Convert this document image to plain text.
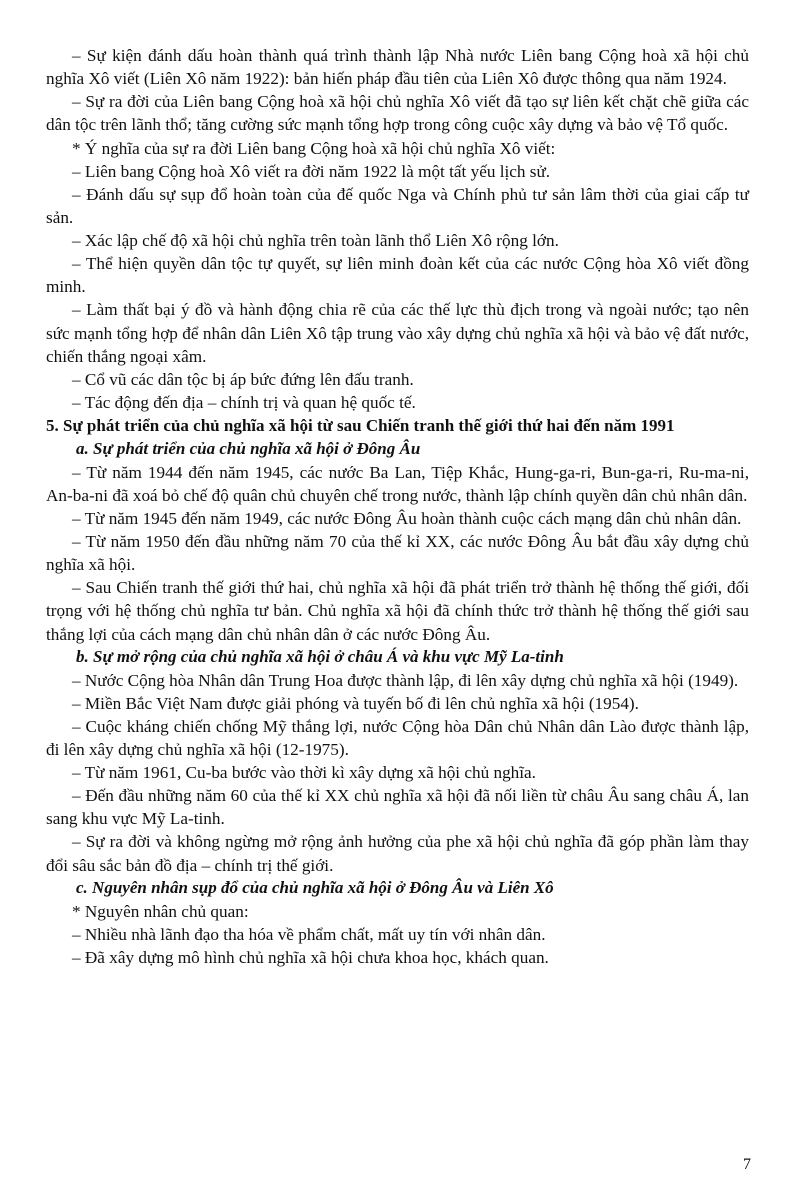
– Sự kiện đánh dấu hoàn thành quá trình thành lập Nhà nước Liên bang Cộng hoà xã hội chủ nghĩa Xô viết (Liên Xô năm 1922): bản hiến pháp đầu tiên của Liên Xô được thông qua năm 1924.

– Sự ra đời của Liên bang Cộng hoà xã hội chủ nghĩa Xô viết đã tạo sự liên kết chặt chẽ giữa các dân tộc trên lãnh thổ; tăng cường sức mạnh tổng hợp trong công cuộc xây dựng và bảo vệ Tổ quốc.

* Ý nghĩa của sự ra đời Liên bang Cộng hoà xã hội chủ nghĩa Xô viết:

– Liên bang Cộng hoà Xô viết ra đời năm 1922 là một tất yếu lịch sử.

– Đánh dấu sự sụp đổ hoàn toàn của đế quốc Nga và Chính phủ tư sản lâm thời của giai cấp tư sản.

– Xác lập chế độ xã hội chủ nghĩa trên toàn lãnh thổ Liên Xô rộng lớn.

– Thể hiện quyền dân tộc tự quyết, sự liên minh đoàn kết của các nước Cộng hòa Xô viết đồng minh.

– Làm thất bại ý đồ và hành động chia rẽ của các thế lực thù địch trong và ngoài nước; tạo nên sức mạnh tổng hợp để nhân dân Liên Xô tập trung vào xây dựng chủ nghĩa xã hội và bảo vệ đất nước, chiến thắng ngoại xâm.

– Cổ vũ các dân tộc bị áp bức đứng lên đấu tranh.

– Tác động đến địa – chính trị và quan hệ quốc tế.

5. Sự phát triển của chủ nghĩa xã hội từ sau Chiến tranh thế giới thứ hai đến năm 1991

a. Sự phát triển của chủ nghĩa xã hội ở Đông Âu

– Từ năm 1944 đến năm 1945, các nước Ba Lan, Tiệp Khắc, Hung-ga-ri, Bun-ga-ri, Ru-ma-ni, An-ba-ni đã xoá bỏ chế độ quân chủ chuyên chế trong nước, thành lập chính quyền dân chủ nhân dân.

– Từ năm 1945 đến năm 1949, các nước Đông Âu hoàn thành cuộc cách mạng dân chủ nhân dân.

– Từ năm 1950 đến đầu những năm 70 của thế kỉ XX, các nước Đông Âu bắt đầu xây dựng chủ nghĩa xã hội.

– Sau Chiến tranh thế giới thứ hai, chủ nghĩa xã hội đã phát triển trở thành hệ thống thế giới, đối trọng với hệ thống chủ nghĩa tư bản. Chủ nghĩa xã hội đã chính thức trở thành hệ thống thế giới sau thắng lợi của cách mạng dân chủ nhân dân ở các nước Đông Âu.

b. Sự mở rộng của chủ nghĩa xã hội ở châu Á và khu vực Mỹ La-tinh

– Nước Cộng hòa Nhân dân Trung Hoa được thành lập, đi lên xây dựng chủ nghĩa xã hội (1949).

– Miền Bắc Việt Nam được giải phóng và tuyến bố đi lên chủ nghĩa xã hội (1954).

– Cuộc kháng chiến chống Mỹ thắng lợi, nước Cộng hòa Dân chủ Nhân dân Lào được thành lập, đi lên xây dựng chủ nghĩa xã hội (12-1975).

– Từ năm 1961, Cu-ba bước vào thời kì xây dựng xã hội chủ nghĩa.

– Đến đầu những năm 60 của thế kỉ XX chủ nghĩa xã hội đã nối liền từ châu Âu sang châu Á, lan sang khu vực Mỹ La-tinh.

– Sự ra đời và không ngừng mở rộng ảnh hưởng của phe xã hội chủ nghĩa đã góp phần làm thay đổi sâu sắc bản đồ địa – chính trị thế giới.

c. Nguyên nhân sụp đổ của chủ nghĩa xã hội ở Đông Âu và Liên Xô

* Nguyên nhân chủ quan:

– Nhiều nhà lãnh đạo tha hóa về phẩm chất, mất uy tín với nhân dân.

– Đã xây dựng mô hình chủ nghĩa xã hội chưa khoa học, khách quan.

7
